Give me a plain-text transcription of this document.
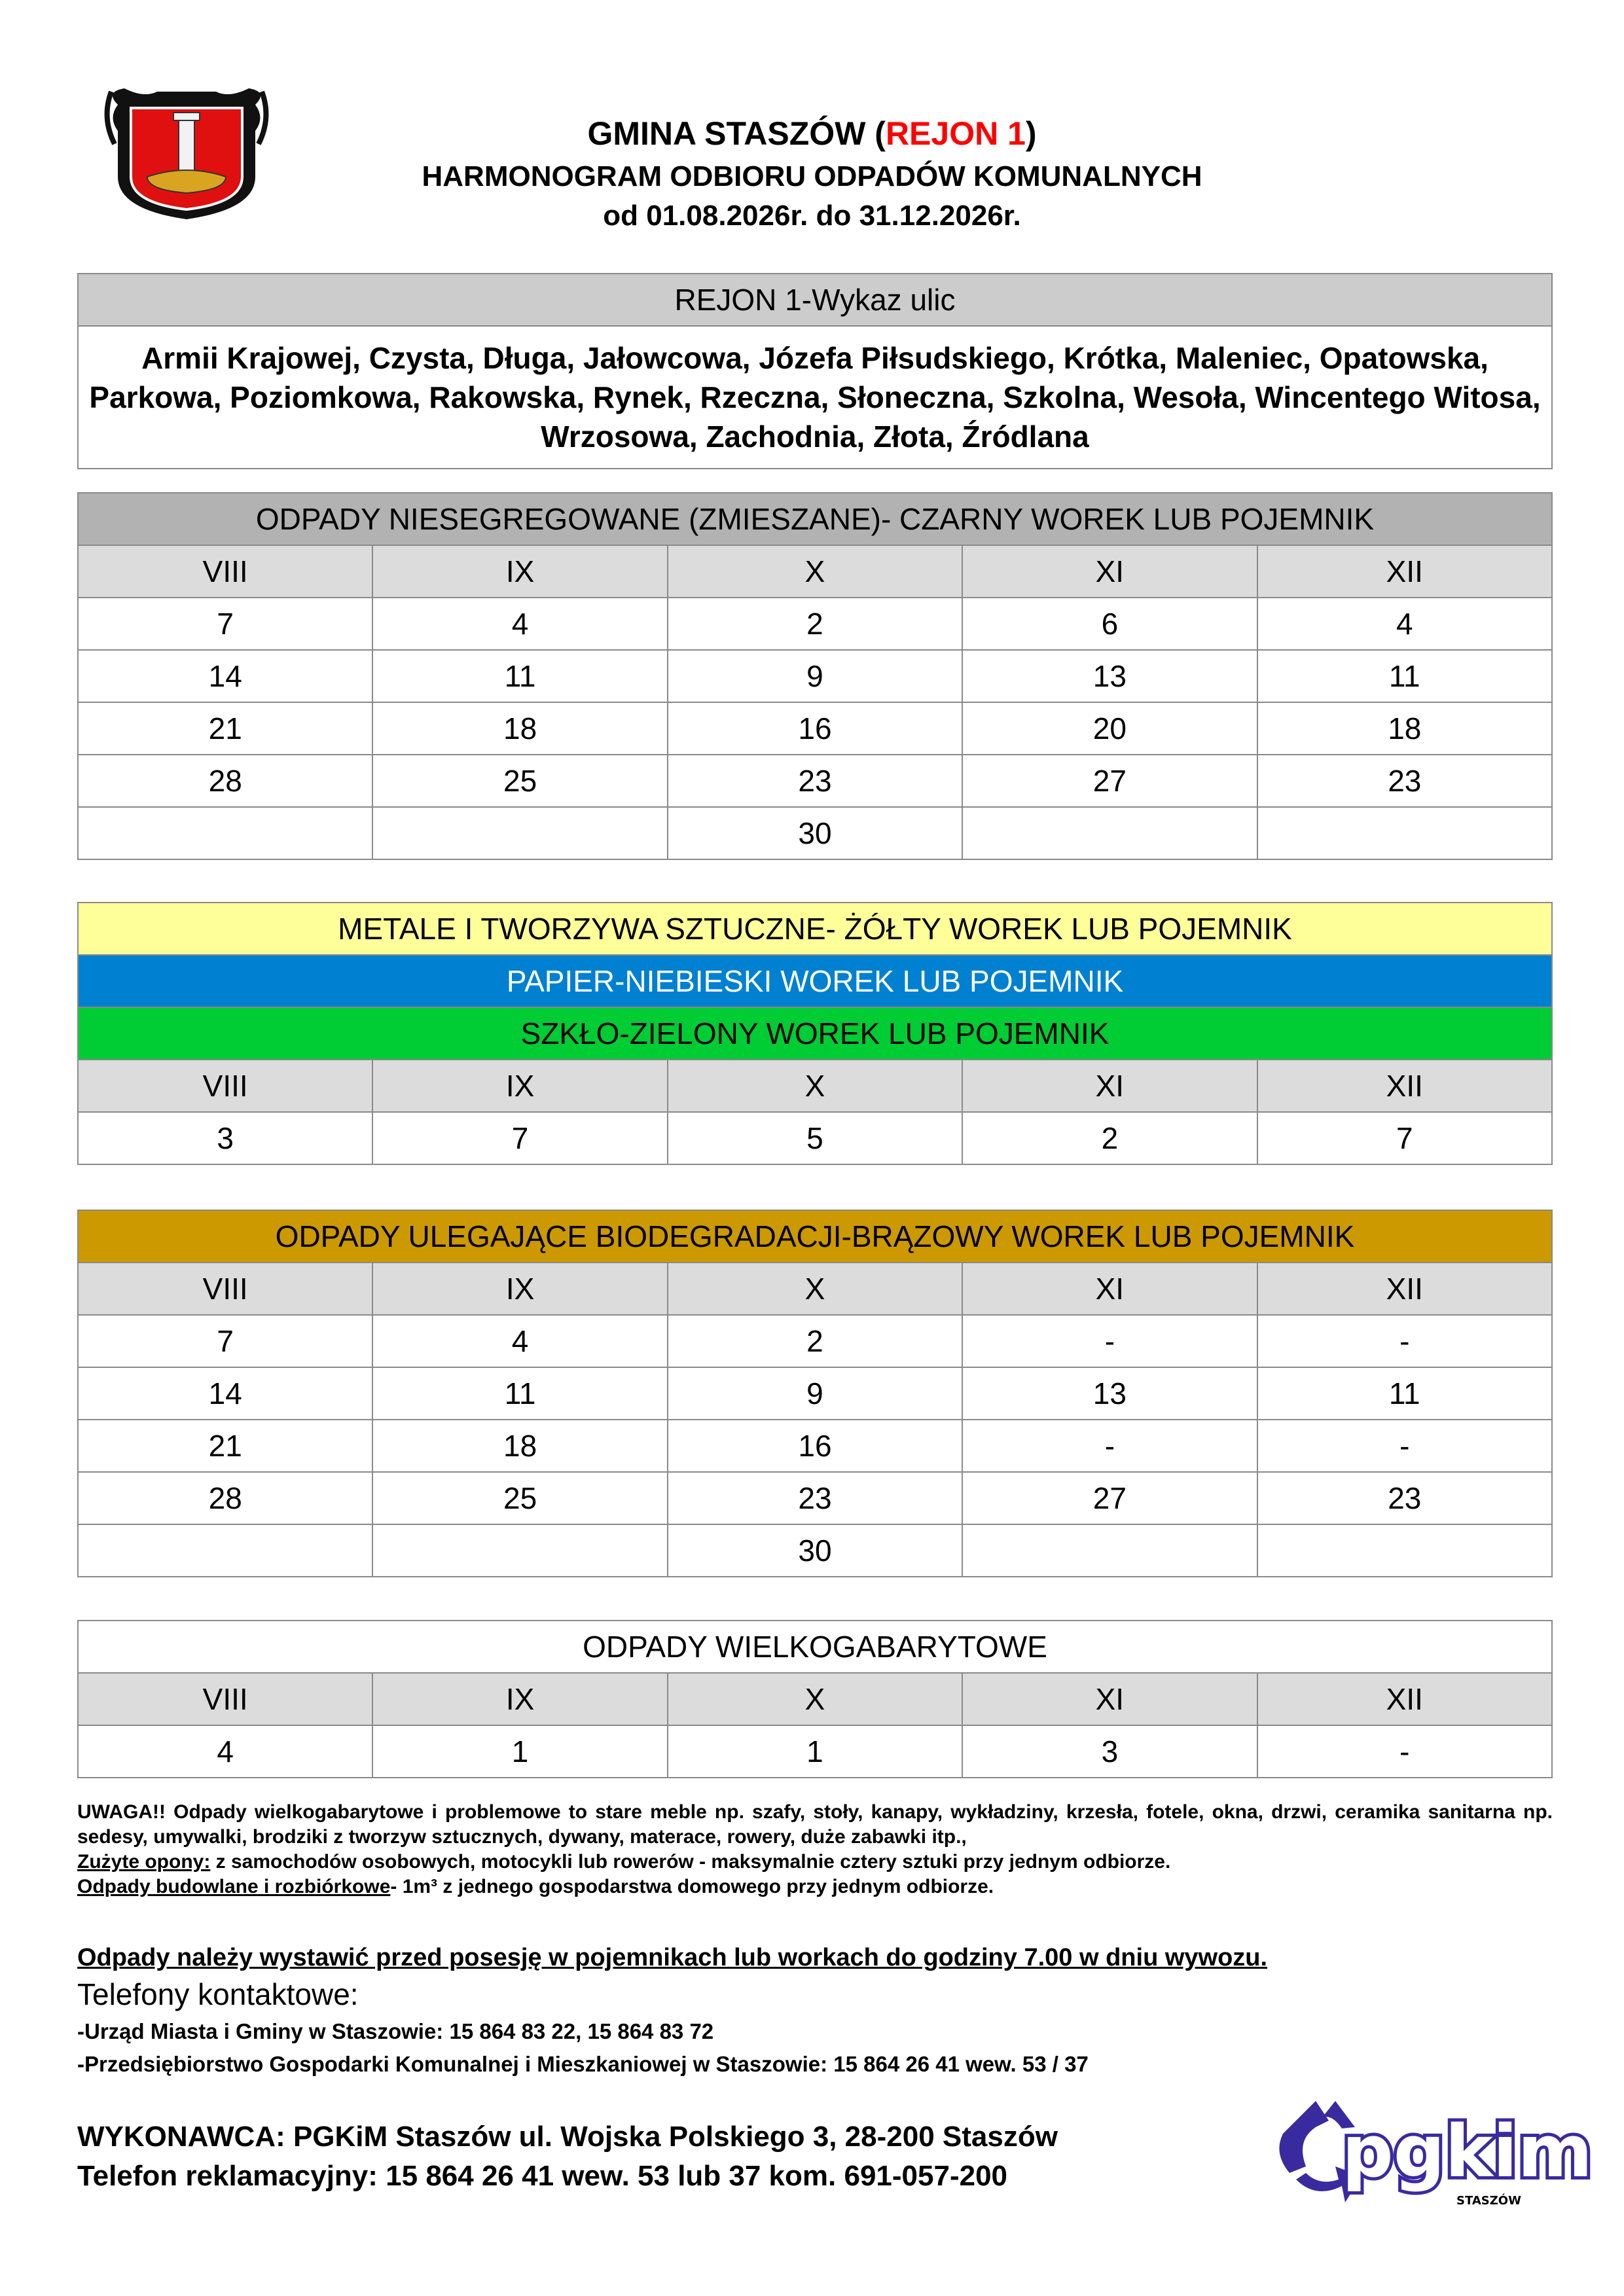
GMINA STASZÓW (REJON 1)
HARMONOGRAM ODBIORU ODPADÓW KOMUNALNYCH
od 01.08.2026r. do 31.12.2026r.
REJON 1-Wykaz ulic
Armii Krajowej, Czysta, Długa, Jałowcowa, Józefa Piłsudskiego, Krótka, Maleniec, Opatowska, Parkowa, Poziomkowa, Rakowska, Rynek, Rzeczna, Słoneczna, Szkolna, Wesoła, Wincentego Witosa, Wrzosowa, Zachodnia, Złota, Źródlana
ODPADY NIESEGREGOWANE (ZMIESZANE)- CZARNY WOREK LUB POJEMNIK				
VIII	IX	X	XI	XII
7	4	2	6	4
14	11	9	13	11
21	18	16	20	18
28	25	23	27	23
		30		
METALE I TWORZYWA SZTUCZNE- ŻÓŁTY WOREK LUB POJEMNIK				
PAPIER-NIEBIESKI WOREK LUB POJEMNIK				
SZKŁO-ZIELONY WOREK LUB POJEMNIK				
VIII	IX	X	XI	XII
3	7	5	2	7
ODPADY ULEGAJĄCE BIODEGRADACJI-BRĄZOWY WOREK LUB POJEMNIK				
VIII	IX	X	XI	XII
7	4	2	-	-
14	11	9	13	11
21	18	16	-	-
28	25	23	27	23
		30		
ODPADY WIELKOGABARYTOWE				
VIII	IX	X	XI	XII
4	1	1	3	-
UWAGA!! Odpady wielkogabarytowe i problemowe to stare meble np. szafy, stoły, kanapy, wykładziny, krzesła, fotele, okna, drzwi, ceramika sanitarna np. sedesy, umywalki, brodziki z tworzyw sztucznych, dywany, materace, rowery, duże zabawki itp.,
Zużyte opony: z samochodów osobowych, motocykli lub rowerów - maksymalnie cztery sztuki przy jednym odbiorze.
Odpady budowlane i rozbiórkowe- 1m³ z jednego gospodarstwa domowego przy jednym odbiorze.
Odpady należy wystawić przed posesję w pojemnikach lub workach do godziny 7.00 w dniu wywozu.
Telefony kontaktowe:
-Urząd Miasta i Gminy w Staszowie: 15 864 83 22, 15 864 83 72
-Przedsiębiorstwo Gospodarki Komunalnej i Mieszkaniowej w Staszowie: 15 864 26 41 wew. 53 / 37
WYKONAWCA: PGKiM Staszów ul. Wojska Polskiego 3, 28-200 Staszów
Telefon reklamacyjny: 15 864 26 41 wew. 53 lub 37 kom. 691-057-200	pgkim
STASZÓW
